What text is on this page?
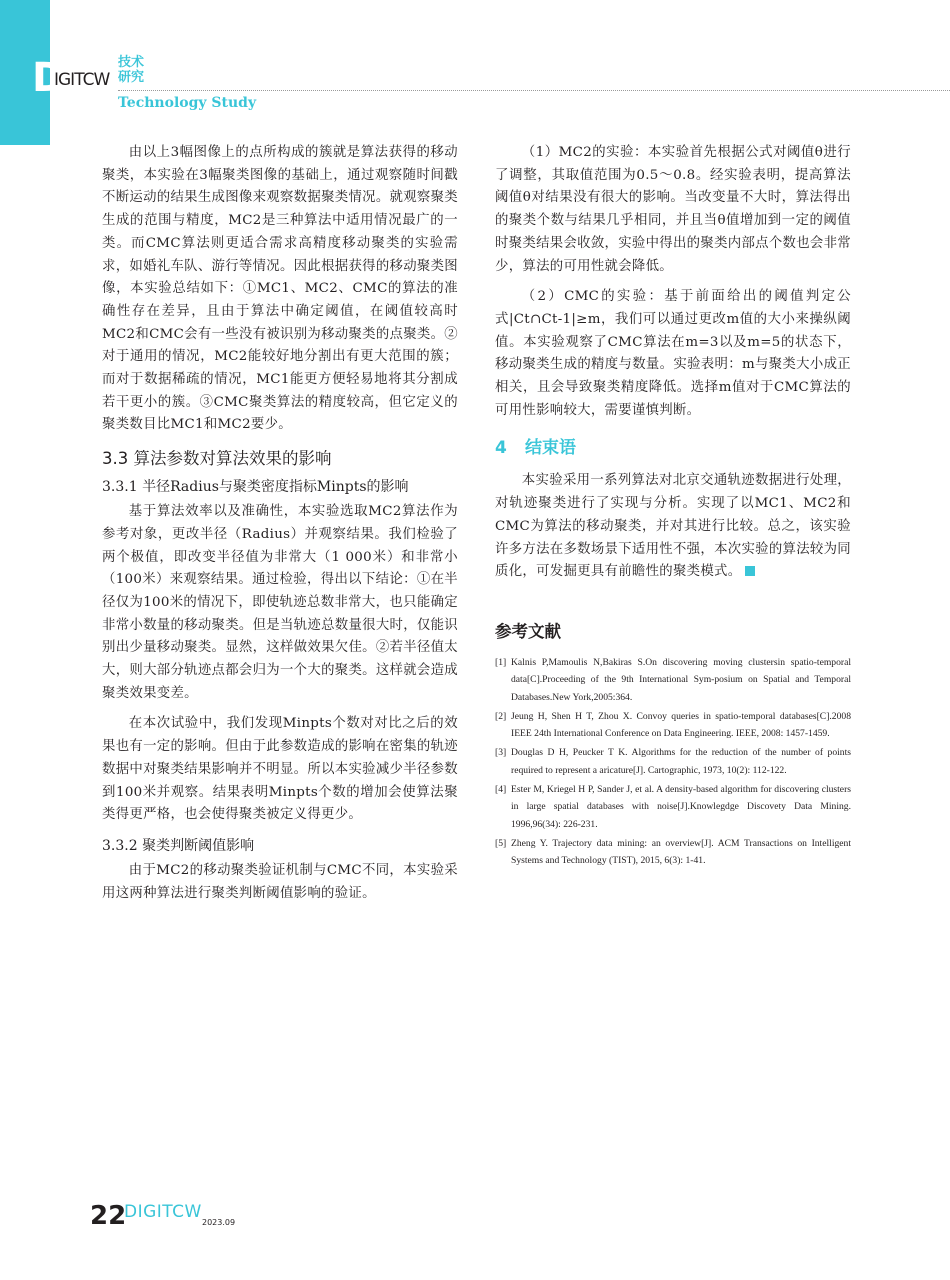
D
IGITCW
技术
研究
Technology Study

由以上3幅图像上的点所构成的簇就是算法获得的移动聚类，本实验在3幅聚类图像的基础上，通过观察随时间戳不断运动的结果生成图像来观察数据聚类情况。就观察聚类生成的范围与精度，MC2是三种算法中适用情况最广的一类。而CMC算法则更适合需求高精度移动聚类的实验需求，如婚礼车队、游行等情况。因此根据获得的移动聚类图像，本实验总结如下：①MC1、MC2、CMC的算法的准确性存在差异，且由于算法中确定阈值，在阈值较高时MC2和CMC会有一些没有被识别为移动聚类的点聚类。②对于通用的情况，MC2能较好地分割出有更大范围的簇；而对于数据稀疏的情况，MC1能更方便轻易地将其分割成若干更小的簇。③CMC聚类算法的精度较高，但它定义的聚类数目比MC1和MC2要少。

3.3 算法参数对算法效果的影响
3.3.1 半径Radius与聚类密度指标Minpts的影响

基于算法效率以及准确性，本实验选取MC2算法作为参考对象，更改半径（Radius）并观察结果。我们检验了两个极值，即改变半径值为非常大（1 000米）和非常小（100米）来观察结果。通过检验，得出以下结论：①在半径仅为100米的情况下，即使轨迹总数非常大，也只能确定非常小数量的移动聚类。但是当轨迹总数量很大时，仅能识别出少量移动聚类。显然，这样做效果欠佳。②若半径值太大，则大部分轨迹点都会归为一个大的聚类。这样就会造成聚类效果变差。

在本次试验中，我们发现Minpts个数对对比之后的效果也有一定的影响。但由于此参数造成的影响在密集的轨迹数据中对聚类结果影响并不明显。所以本实验减少半径参数到100米并观察。结果表明Minpts个数的增加会使算法聚类得更严格，也会使得聚类被定义得更少。

3.3.2 聚类判断阈值影响

由于MC2的移动聚类验证机制与CMC不同，本实验采用这两种算法进行聚类判断阈值影响的验证。

（1）MC2的实验：本实验首先根据公式对阈值θ进行了调整，其取值范围为0.5～0.8。经实验表明，提高算法阈值θ对结果没有很大的影响。当改变量不大时，算法得出的聚类个数与结果几乎相同，并且当θ值增加到一定的阈值时聚类结果会收敛，实验中得出的聚类内部点个数也会非常少，算法的可用性就会降低。

（2）CMC的实验：基于前面给出的阈值判定公式|Ct∩Ct-1|≥m，我们可以通过更改m值的大小来操纵阈值。本实验观察了CMC算法在m=3以及m=5的状态下，移动聚类生成的精度与数量。实验表明：m与聚类大小成正相关，且会导致聚类精度降低。选择m值对于CMC算法的可用性影响较大，需要谨慎判断。

4 结束语

本实验采用一系列算法对北京交通轨迹数据进行处理，对轨迹聚类进行了实现与分析。实现了以MC1、MC2和CMC为算法的移动聚类，并对其进行比较。总之，该实验许多方法在多数场景下适用性不强，本次实验的算法较为同质化，可发掘更具有前瞻性的聚类模式。

参考文献
[1] Kalnis P,Mamoulis N,Bakiras S.On discovering moving clustersin spatio-temporal data[C].Proceeding of the 9th International Sym-posium on Spatial and Temporal Databases.New York,2005:364.
[2] Jeung H, Shen H T, Zhou X. Convoy queries in spatio-temporal databases[C].2008 IEEE 24th International Conference on Data Engineering. IEEE, 2008: 1457-1459.
[3] Douglas D H, Peucker T K. Algorithms for the reduction of the number of points required to represent a aricature[J]. Cartographic, 1973, 10(2): 112-122.
[4] Ester M, Kriegel H P, Sander J, et al. A density-based algorithm for discovering clusters in large spatial databases with noise[J].Knowlegdge Discovety Data Mining. 1996,96(34): 226-231.
[5] Zheng Y. Trajectory data mining: an overview[J]. ACM Transactions on Intelligent Systems and Technology (TIST), 2015, 6(3): 1-41.
22
DIGITCW
2023.09
